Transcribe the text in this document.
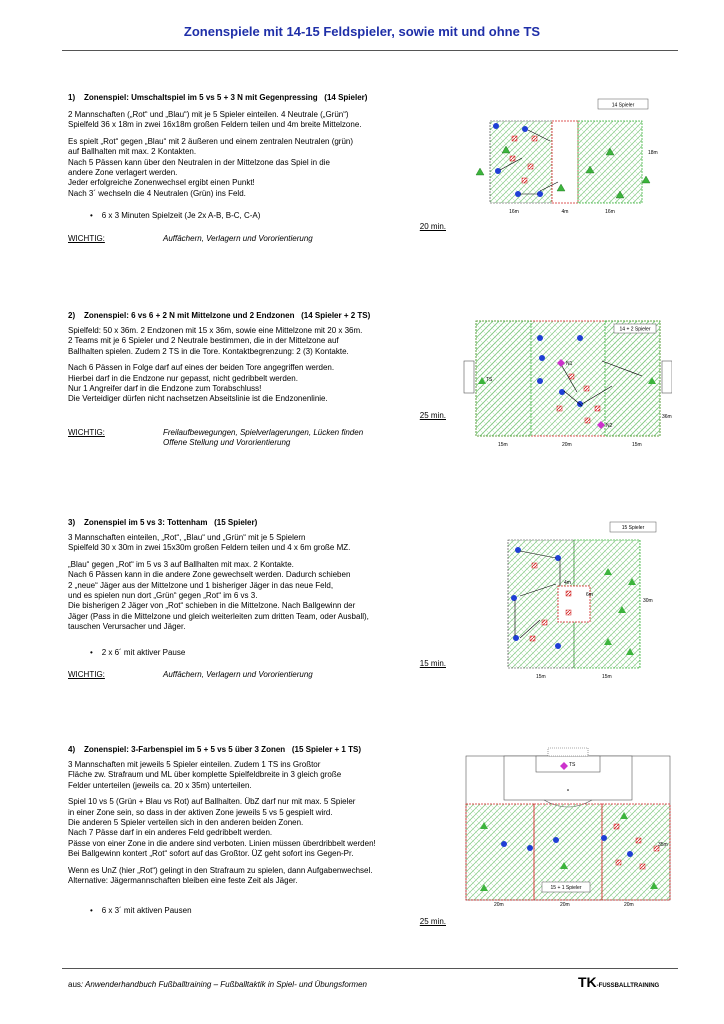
Zonenspiele mit 14-15 Feldspieler, sowie mit und ohne TS
1)    Zonenspiel: Umschaltspiel im 5 vs 5 + 3 N mit Gegenpressing   (14 Spieler)

2 Mannschaften („Rot“ und „Blau“) mit je 5 Spieler einteilen. 4 Neutrale („Grün“)
Spielfeld 36 x 18m in zwei 16x18m großen Feldern teilen und 4m breite Mittelzone.

Es spielt „Rot“ gegen „Blau“ mit 2 äußeren und einem zentralen Neutralen (grün)
auf Ballhalten mit max. 2 Kontakten.
Nach 5 Pässen kann über den Neutralen in der Mittelzone das Spiel in die
andere Zone verlagert werden.
Jeder erfolgreiche Zonenwechsel ergibt einen Punkt!
Nach 3´ wechseln die 4 Neutralen (Grün) ins Feld.

•    6 x 3 Minuten Spielzeit (Je 2x A-B, B-C, C-A)
20 min.
WICHTIG:	Auffächern, Verlagern und Vororientierung
14 Spieler
16m	4m	16m
18m
2)    Zonenspiel: 6 vs 6 + 2 N mit Mittelzone und 2 Endzonen   (14 Spieler + 2 TS)

Spielfeld: 50 x 36m. 2 Endzonen mit 15 x 36m, sowie eine Mittelzone mit 20 x 36m.
2 Teams mit je 6 Spieler und 2 Neutrale bestimmen, die in der Mittelzone auf
Ballhalten spielen. Zudem 2 TS in die Tore. Kontaktbegrenzung: 2 (3) Kontakte.

Nach 6 Pässen in Folge darf auf eines der beiden Tore angegriffen werden.
Hierbei darf in die Endzone nur gepasst, nicht gedribbelt werden.
Nur 1 Angreifer darf in die Endzone zum Torabschluss!
Die Verteidiger dürfen nicht nachsetzen Abseitslinie ist die Endzonenlinie.

25 min.
WICHTIG:	Freilaufbewegungen, Spielverlagerungen, Lücken finden
Offene Stellung und Vororientierung
N1
N2
TS
14 + 2 Spieler
15m	20m	15m
36m
3)    Zonenspiel im 5 vs 3: Tottenham   (15 Spieler)

3 Mannschaften einteilen, „Rot“, „Blau“ und „Grün“ mit je 5 Spielern
Spielfeld 30 x 30m in zwei 15x30m großen Feldern teilen und 4 x 6m große MZ.

„Blau“ gegen „Rot“ im 5 vs 3 auf Ballhalten mit max. 2 Kontakte.
Nach 6 Pässen kann in die andere Zone gewechselt werden. Dadurch schieben
2 „neue“ Jäger aus der Mittelzone und 1 bisheriger Jäger in das neue Feld,
und es spielen nun dort „Grün“ gegen „Rot“ im 6 vs 3.
Die bisherigen 2 Jäger von „Rot“ schieben in die Mittelzone. Nach Ballgewinn der
Jäger (Pass in die Mittelzone und gleich weiterleiten zum dritten Team, oder Ausball),
tauschen Verursacher und Jäger.

•    2 x 6´ mit aktiver Pause
15 min.
WICHTIG:	Auffächern, Verlagern und Vororientierung
15 Spieler
4m
6m
15m	15m
30m
4)    Zonenspiel: 3-Farbenspiel im 5 + 5 vs 5 über 3 Zonen   (15 Spieler + 1 TS)

3 Mannschaften mit jeweils 5 Spieler einteilen. Zudem 1 TS ins Großtor
Fläche zw. Strafraum und ML über komplette Spielfeldbreite in 3 gleich große
Felder unterteilen (jeweils ca. 20 x 35m) unterteilen.

Spiel 10 vs 5 (Grün + Blau vs Rot) auf Ballhalten. ÜbZ darf nur mit max. 5 Spieler
in einer Zone sein, so dass in der aktiven Zone jeweils 5 vs 5 gespielt wird.
Die anderen 5 Spieler verteilen sich in den anderen beiden Zonen.
Nach 7 Pässe darf in ein anderes Feld gedribbelt werden.
Pässe von einer Zone in die andere sind verboten. Linien müssen überdribbelt werden!
Bei Ballgewinn kontert „Rot“ sofort auf das Großtor. ÜZ geht sofort ins Gegen-Pr.

Wenn es UnZ (hier „Rot“) gelingt in den Strafraum zu spielen, dann Aufgabenwechsel.
Alternative: Jägermannschaften bleiben eine feste Zeit als Jäger.

•    6 x 3´ mit aktiven Pausen
25 min.
TS
15 + 1 Spieler
20m	20m	20m
35m
aus: Anwenderhandbuch Fußballtraining – Fußballtaktik in Spiel- und Übungsformen	TK-FUSSBALLTRAINING
